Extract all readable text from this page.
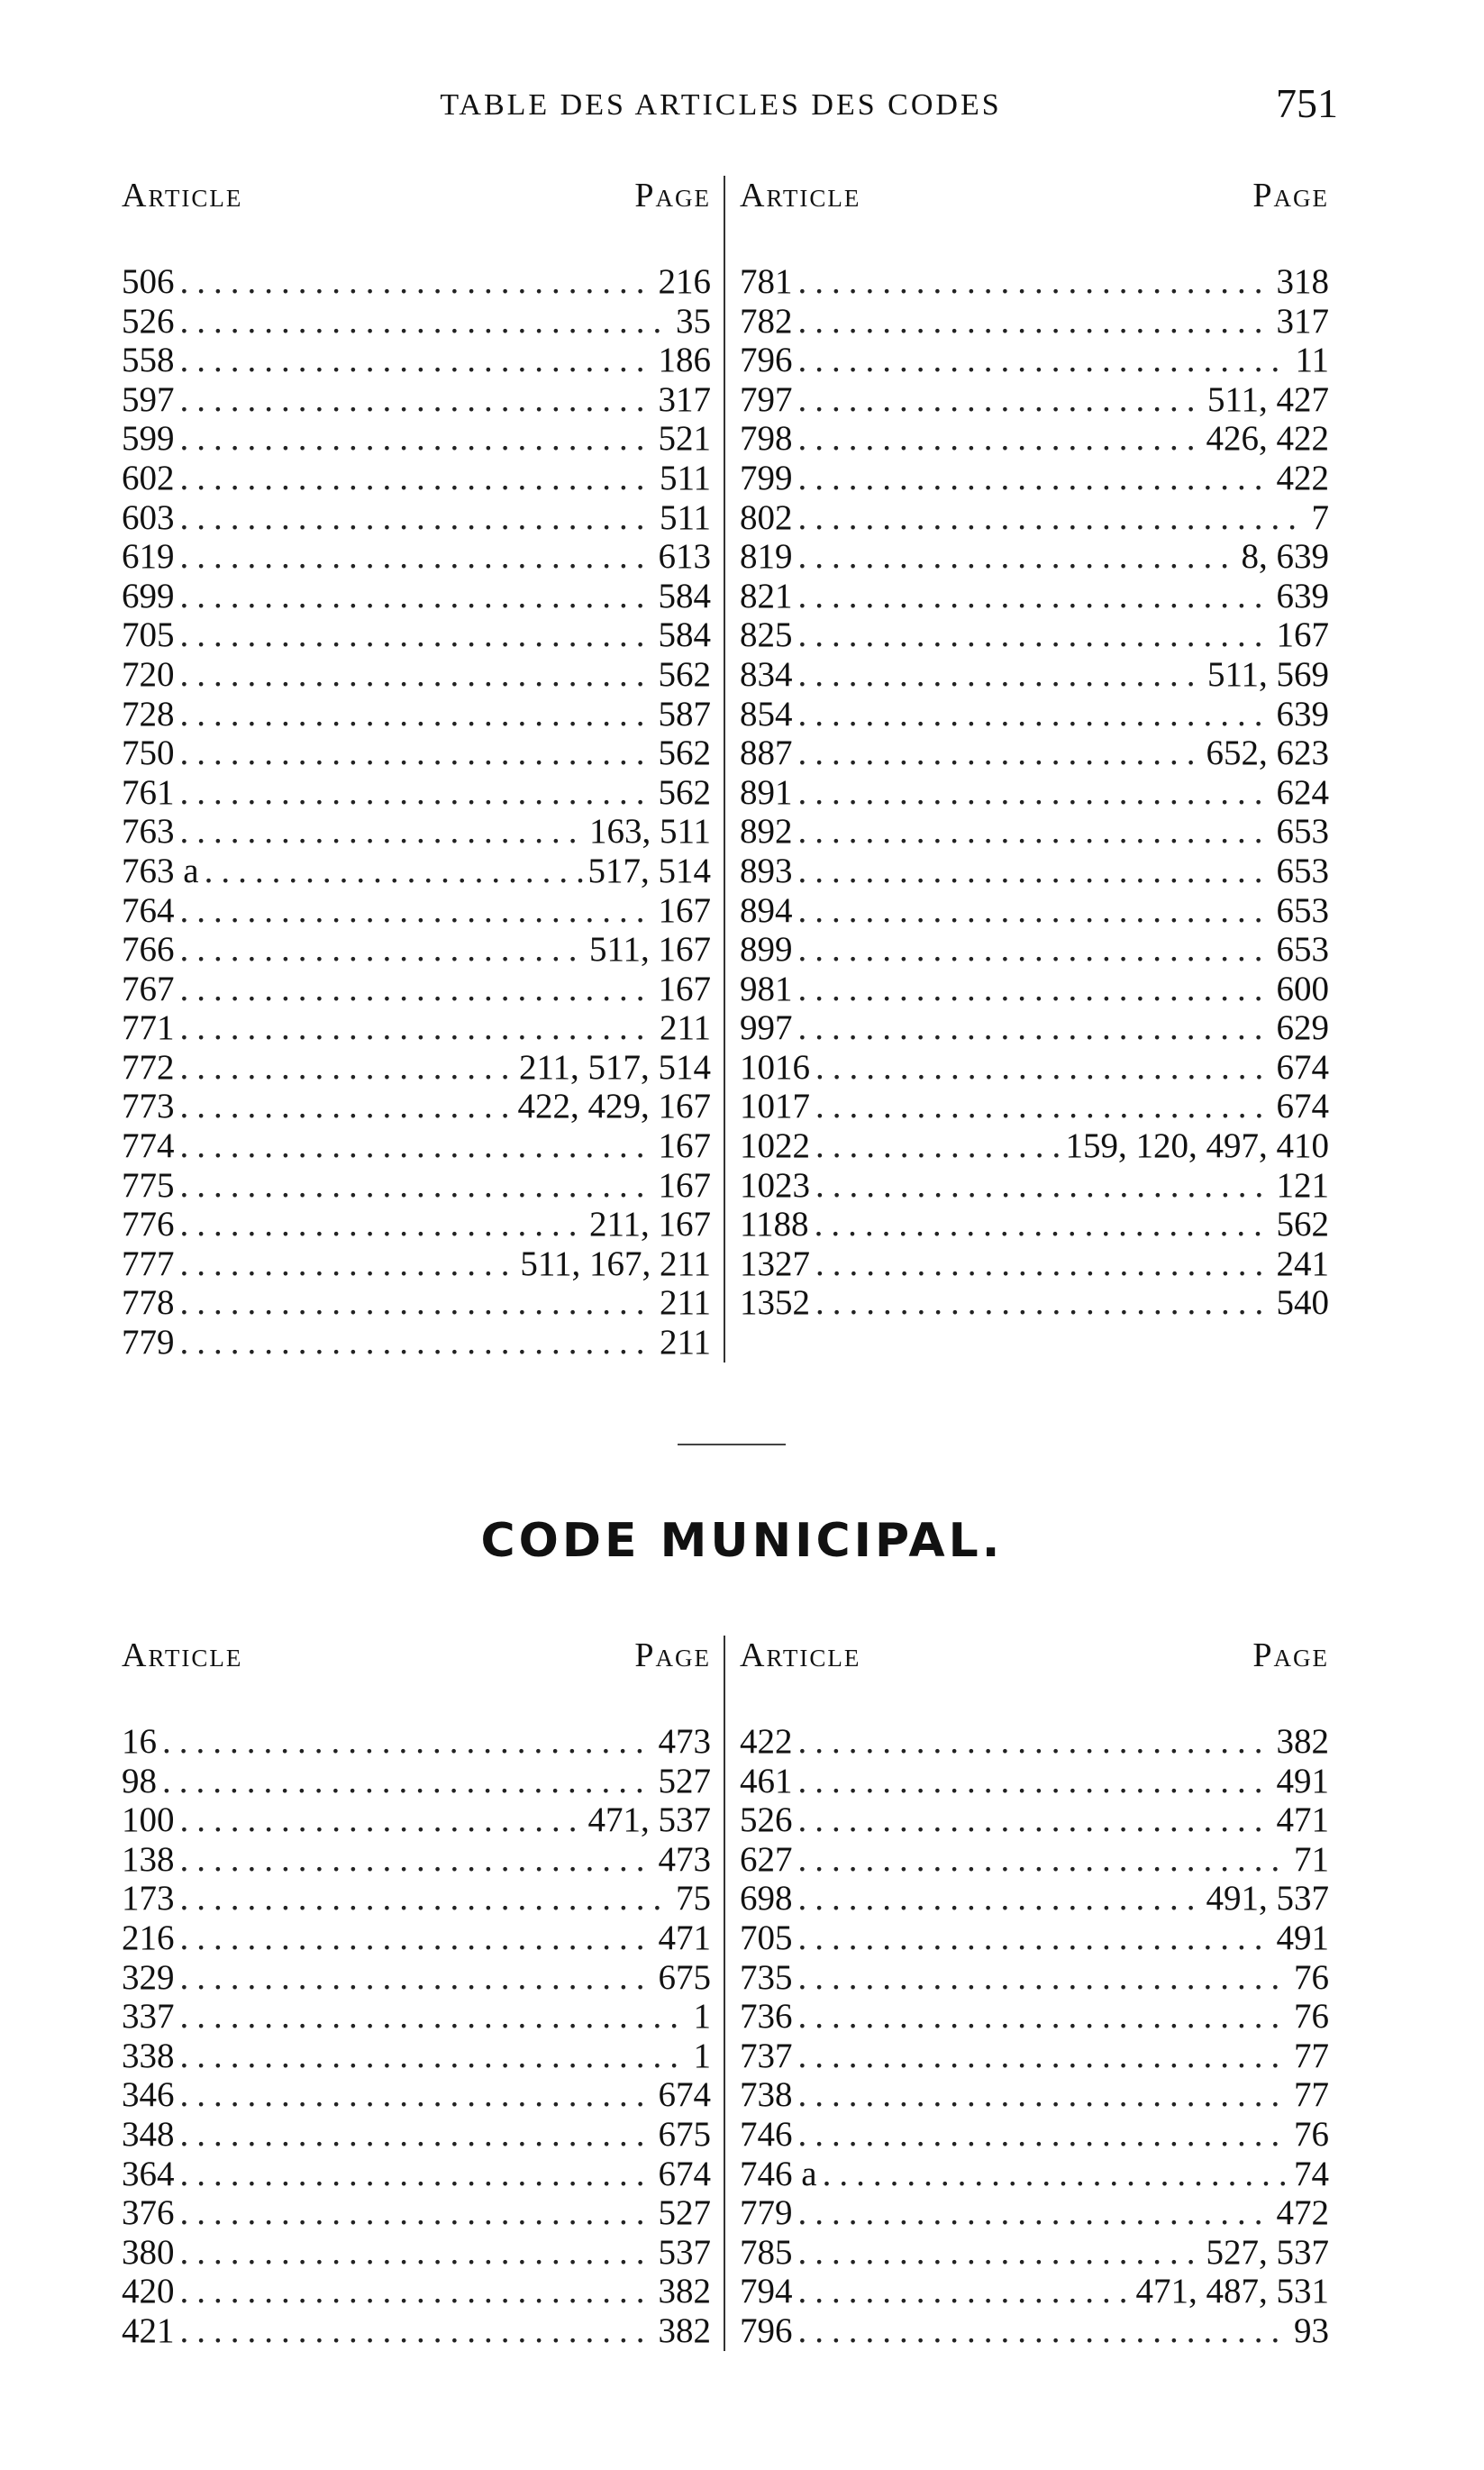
TABLE DES ARTICLES DES CODES	751
Article	Page
506 .....	216
526 .....	35
558 .....	186
597 .....	317
599 .....	521
602 .....	511
603 .....	511
619 .....	613
699 .....	584
705 .....	584
720 .....	562
728 .....	587
750 .....	562
761 .....	562
763 .....	163, 511
763 a .....	517, 514
764 .....	167
766 .....	511, 167
767 .....	167
771 .....	211
772 .....	211, 517, 514
773 .....	422, 429, 167
774 .....	167
775 .....	167
776 .....	211, 167
777 .....	511, 167, 211
778 .....	211
779 .....	211
Article	Page
781 .....	318
782 .....	317
796 .....	11
797 .....	511, 427
798 .....	426, 422
799 .....	422
802 .....	7
819 .....	8, 639
821 .....	639
825 .....	167
834 .....	511, 569
854 .....	639
887 .....	652, 623
891 .....	624
892 .....	653
893 .....	653
894 .....	653
899 .....	653
981 .....	600
997 .....	629
1016 .....	674
1017 .....	674
1022 .....	159, 120, 497, 410
1023 .....	121
1188 .....	562
1327 .....	241
1352 .....	540
CODE MUNICIPAL.
Article	Page
16 .....	473
98 .....	527
100 .....	471, 537
138 .....	473
173 .....	75
216 .....	471
329 .....	675
337 .....	1
338 .....	1
346 .....	674
348 .....	675
364 .....	674
376 .....	527
380 .....	537
420 .....	382
421 .....	382
Article	Page
422 .....	382
461 .....	491
526 .....	471
627 .....	71
698 .....	491, 537
705 .....	491
735 .....	76
736 .....	76
737 .....	77
738 .....	77
746 .....	76
746 a .....	74
779 .....	472
785 .....	527, 537
794 .....	471, 487, 531
796 .....	93
